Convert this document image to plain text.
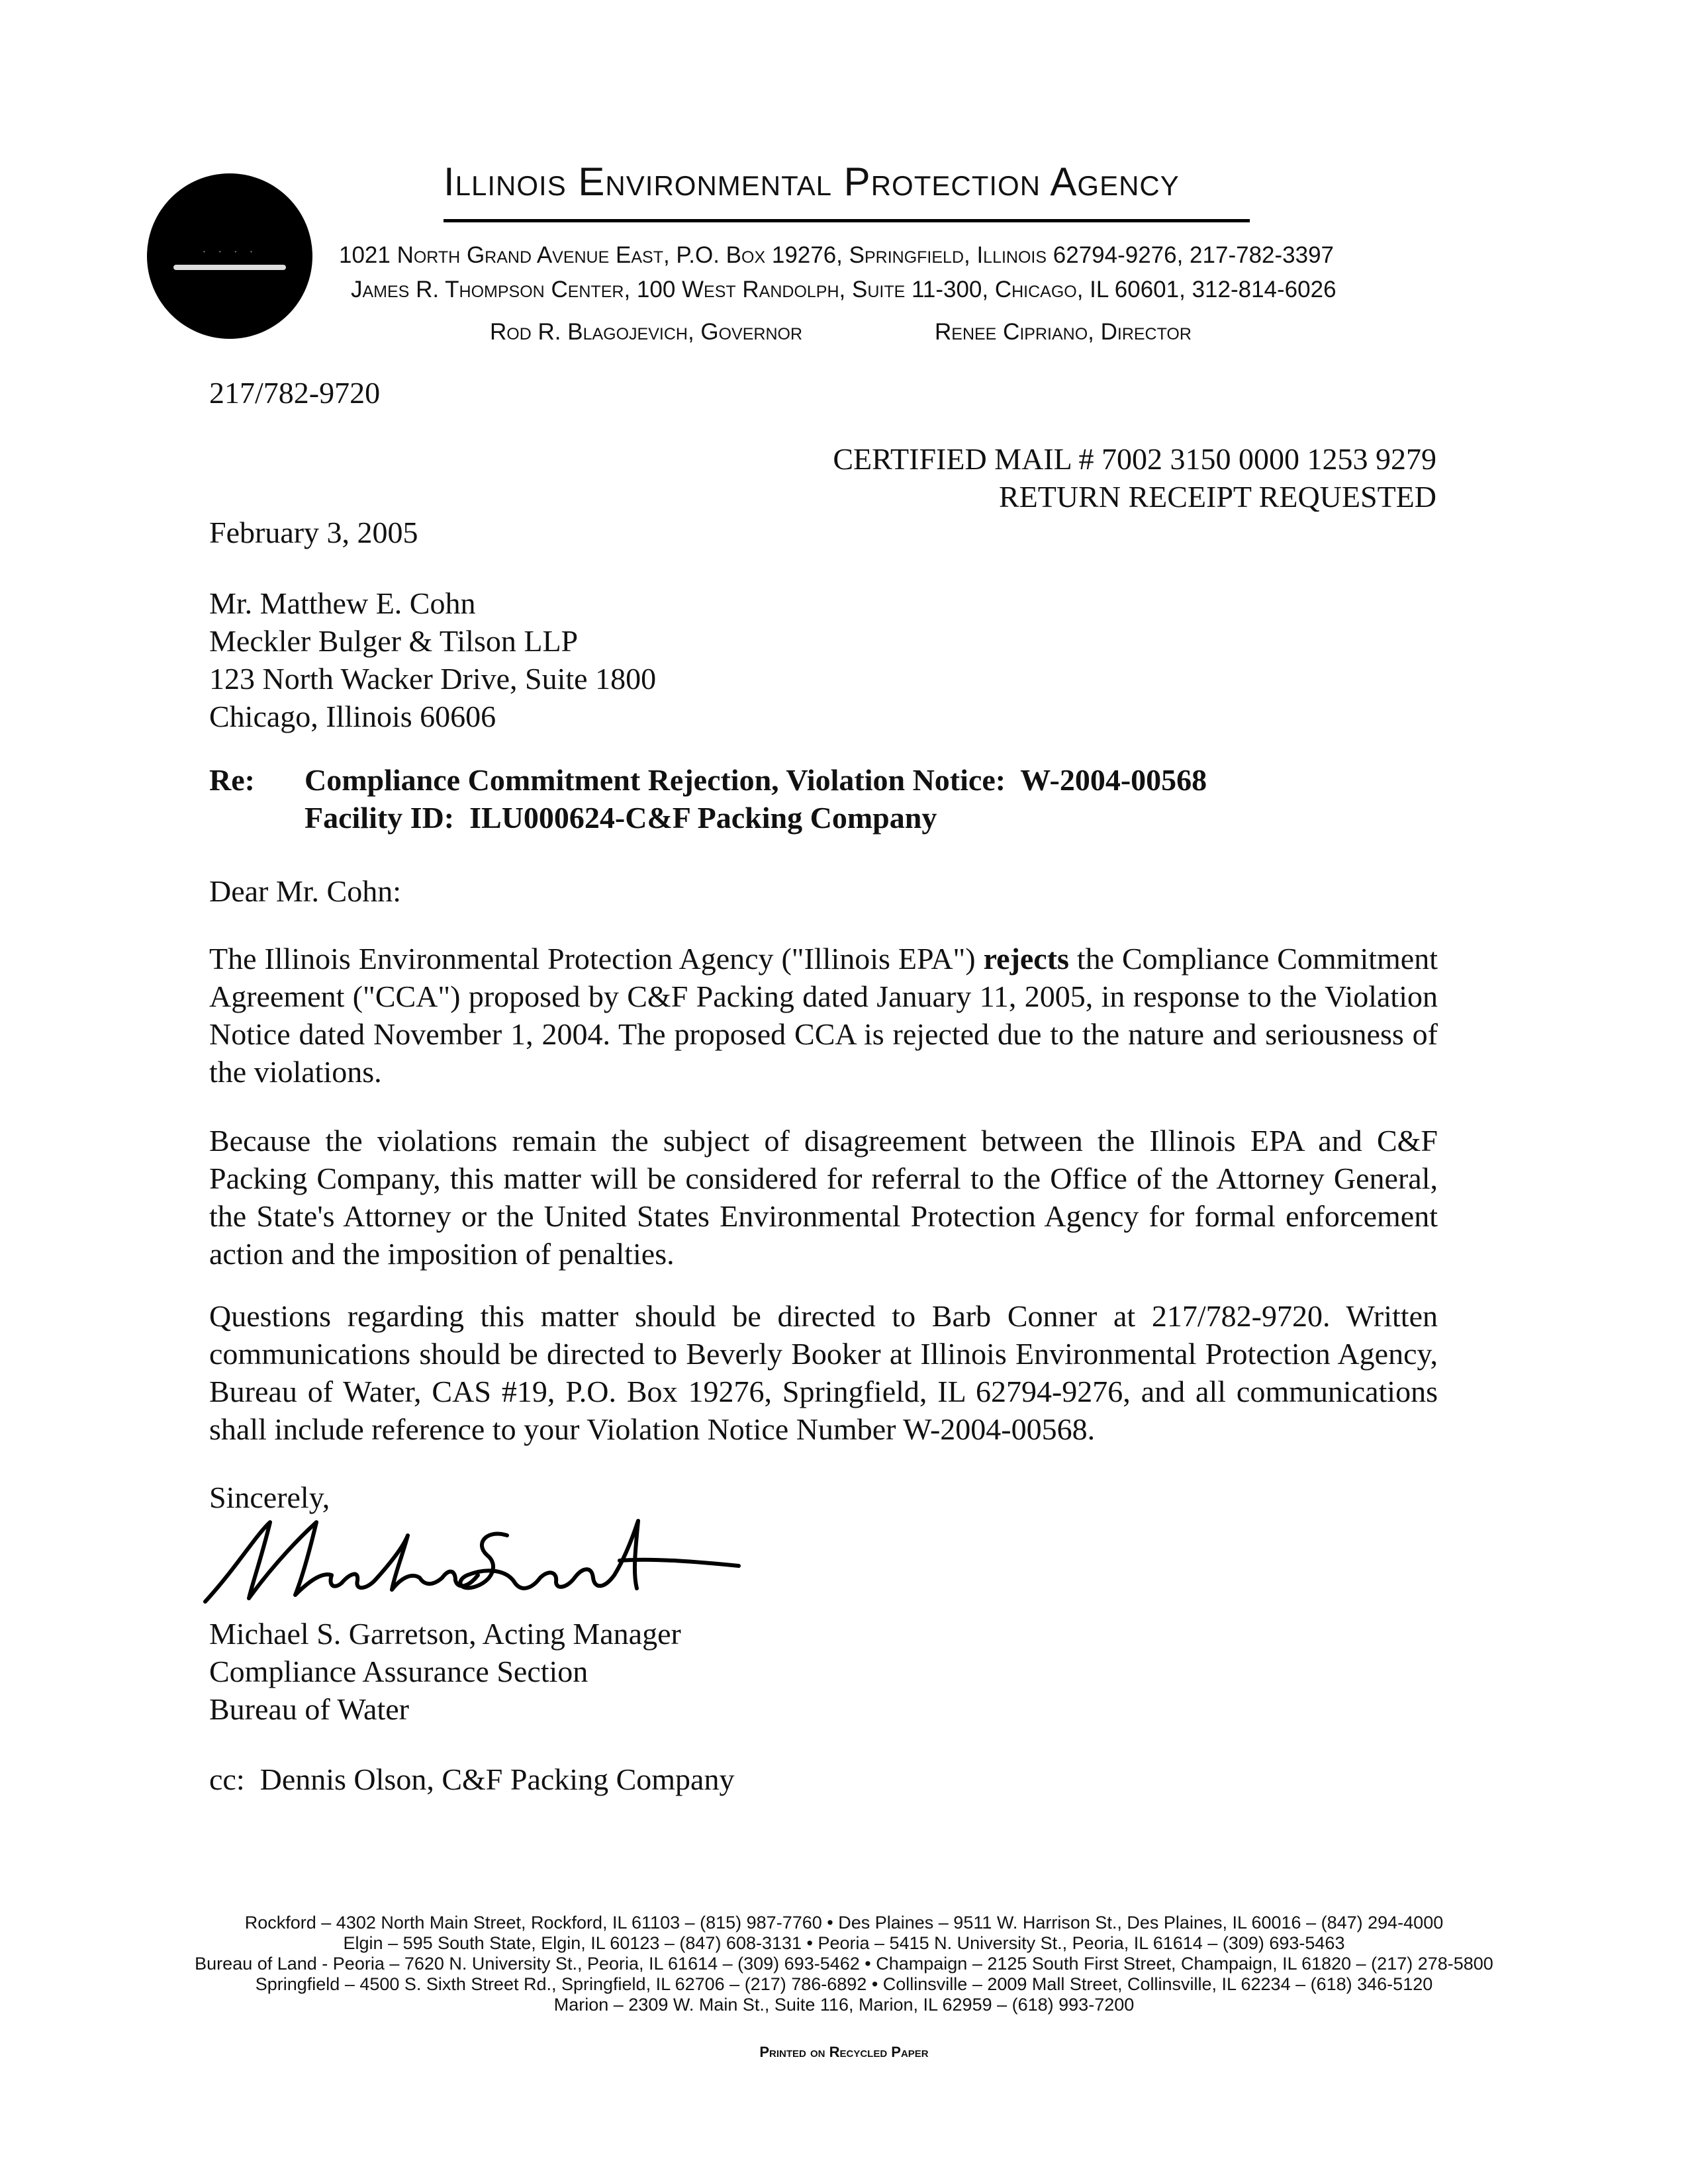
· · · ·
Illinois Environmental Protection Agency
1021 North Grand Avenue East, P.O. Box 19276, Springfield, Illinois 62794-9276, 217-782-3397
James R. Thompson Center, 100 West Randolph, Suite 11-300, Chicago, IL 60601, 312-814-6026
Rod R. Blagojevich, Governor	Renee Cipriano, Director
217/782-9720
CERTIFIED MAIL # 7002 3150 0000 1253 9279
RETURN RECEIPT REQUESTED
February 3, 2005
Mr. Matthew E. Cohn
Meckler Bulger & Tilson LLP
123 North Wacker Drive, Suite 1800
Chicago, Illinois 60606
Re: Compliance Commitment Rejection, Violation Notice:  W-2004-00568
Facility ID:  ILU000624-C&F Packing Company
Dear Mr. Cohn:

The Illinois Environmental Protection Agency ("Illinois EPA") rejects the Compliance Commitment Agreement ("CCA") proposed by C&F Packing dated January 11, 2005, in response to the Violation Notice dated November 1, 2004. The proposed CCA is rejected due to the nature and seriousness of the violations.

Because the violations remain the subject of disagreement between the Illinois EPA and C&F Packing Company, this matter will be considered for referral to the Office of the Attorney General, the State's Attorney or the United States Environmental Protection Agency for formal enforcement action and the imposition of penalties.

Questions regarding this matter should be directed to Barb Conner at 217/782-9720. Written communications should be directed to Beverly Booker at Illinois Environmental Protection Agency, Bureau of Water, CAS #19, P.O. Box 19276, Springfield, IL 62794-9276, and all communications shall include reference to your Violation Notice Number W-2004-00568.

Sincerely,
Michael S. Garretson, Acting Manager
Compliance Assurance Section
Bureau of Water
cc:  Dennis Olson, C&F Packing Company
Rockford – 4302 North Main Street, Rockford, IL 61103 – (815) 987-7760 • Des Plaines – 9511 W. Harrison St., Des Plaines, IL 60016 – (847) 294-4000
Elgin – 595 South State, Elgin, IL 60123 – (847) 608-3131 • Peoria – 5415 N. University St., Peoria, IL 61614 – (309) 693-5463
Bureau of Land - Peoria – 7620 N. University St., Peoria, IL 61614 – (309) 693-5462 • Champaign – 2125 South First Street, Champaign, IL 61820 – (217) 278-5800
Springfield – 4500 S. Sixth Street Rd., Springfield, IL 62706 – (217) 786-6892 • Collinsville – 2009 Mall Street, Collinsville, IL 62234 – (618) 346-5120
Marion – 2309 W. Main St., Suite 116, Marion, IL 62959 – (618) 993-7200
Printed on Recycled Paper
